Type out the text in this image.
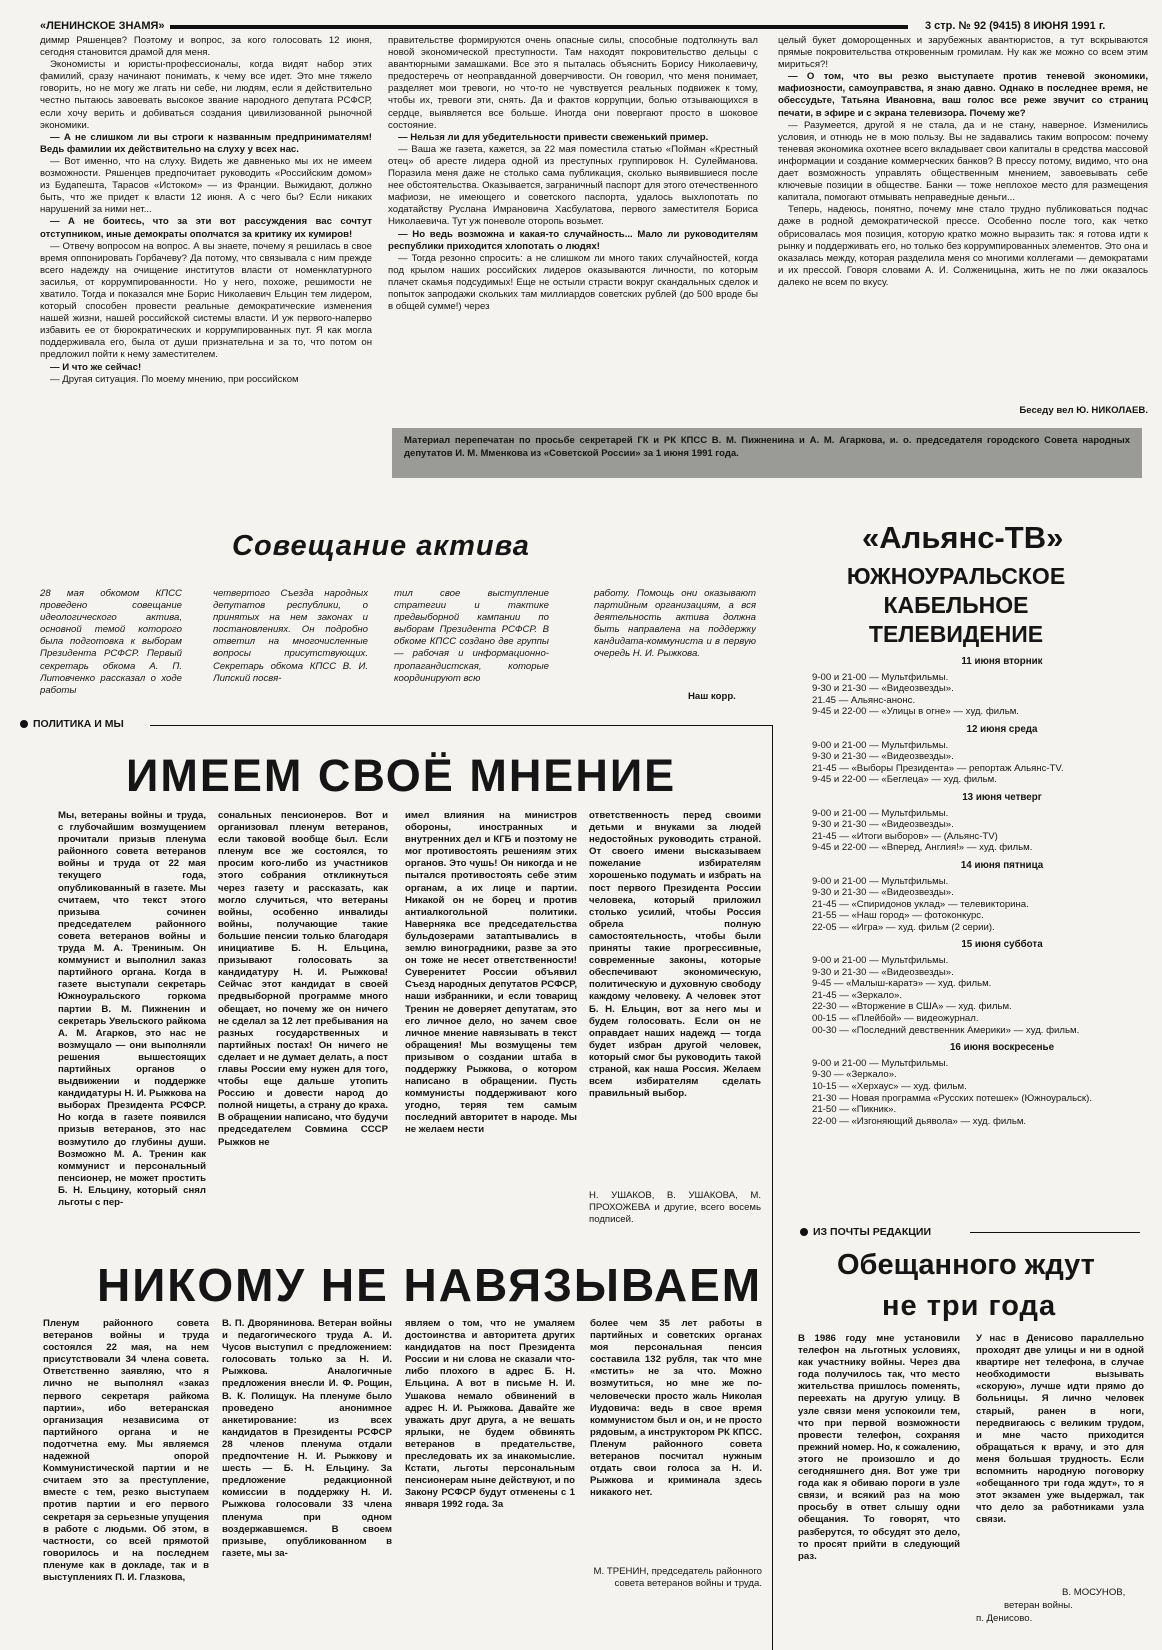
«ЛЕНИНСКОЕ ЗНАМЯ»	3 стр. № 92 (9415) 8 ИЮНЯ 1991 г.

диммр Ряшенцев? Поэтому и вопрос, за кого голосовать 12 июня, сегодня становится драмой для меня.

Экономисты и юристы-профессионалы, когда видят набор этих фамилий, сразу начинают понимать, к чему все идет. Это мне тяжело говорить, но не могу же лгать ни себе, ни людям, если я действительно честно пытаюсь завоевать высокое звание народного депутата РСФСР, если хочу верить и добиваться создания цивилизованной рыночной экономики.

— А не слишком ли вы строги к названным предпринимателям! Ведь фамилии их действительно на слуху у всех нас.

— Вот именно, что на слуху. Видеть же давненько мы их не имеем возможности. Ряшенцев предпочитает руководить «Российским домом» из Будапешта, Тарасов «Истоком» — из Франции. Выжидают, должно быть, что же придет к власти 12 июня. А с чего бы? Если никаких нарушений за ними нет...

— А не боитесь, что за эти вот рассуждения вас сочтут отступником, иные демократы ополчатся за критику их кумиров!

— Отвечу вопросом на вопрос. А вы знаете, почему я решилась в свое время оппонировать Горбачеву? Да потому, что связывала с ним прежде всего надежду на очищение институтов власти от номенклатурного засилья, от коррумпированности. Но у него, похоже, решимости не хватило. Тогда и показался мне Борис Николаевич Ельцин тем лидером, который способен провести реальные демократические изменения нашей жизни, нашей российской системы власти. И уж первого-наперво избавить ее от бюрократических и коррумпированных пут. Я как могла поддерживала его, была от души признательна и за то, что потом он предложил пойти к нему заместителем.

— И что же сейчас!

— Другая ситуация. По моему мнению, при российском

правительстве формируются очень опасные силы, способные подтолкнуть вал новой экономической преступности. Там находят покровительство дельцы с авантюрными замашками. Все это я пыталась объяснить Борису Николаевичу, предостеречь от неоправданной доверчивости. Он говорил, что меня понимает, разделяет мои тревоги, но что-то не чувствуется реальных подвижек к тому, чтобы их, тревоги эти, снять. Да и фактов коррупции, болью отзывающихся в сердце, выявляется все больше. Иногда они повергают просто в шоковое состояние.

— Нельзя ли для убедительности привести свеженький пример.

— Ваша же газета, кажется, за 22 мая поместила статью «Пойман «Крестный отец» об аресте лидера одной из преступных группировок Н. Сулейманова. Поразила меня даже не столько сама публикация, сколько выявившиеся после нее обстоятельства. Оказывается, заграничный паспорт для этого отечественного мафиози, не имеющего и советского паспорта, удалось выхлопотать по ходатайству Руслана Имрановича Хасбулатова, первого заместителя Бориса Николаевича. Тут уж поневоле оторопь возьмет.

— Но ведь возможна и какая-то случайность... Мало ли руководителям республики приходится хлопотать о людях!

— Тогда резонно спросить: а не слишком ли много таких случайностей, когда под крылом наших российских лидеров оказываются личности, по которым плачет скамья подсудимых! Еще не остыли страсти вокруг скандальных сделок и попыток запродажи скольких там миллиардов советских рублей (до 500 вроде бы в общей сумме!) через

целый букет доморощенных и зарубежных авантюристов, а тут вскрываются прямые покровительства откровенным громилам. Ну как же можно со всем этим мириться?!

— О том, что вы резко выступаете против теневой экономики, мафиозности, самоуправства, я знаю давно. Однако в последнее время, не обессудьте, Татьяна Ивановна, ваш голос все реже звучит со страниц печати, в эфире и с экрана телевизора. Почему же?

— Разумеется, другой я не стала, да и не стану, наверное. Изменились условия, и отнюдь не в мою пользу. Вы не задавались таким вопросом: почему теневая экономика охотнее всего вкладывает свои капиталы в средства массовой информации и создание коммерческих банков? В прессу потому, видимо, что она дает возможность управлять общественным мнением, завоевывать себе ключевые позиции в обществе. Банки — тоже неплохое место для размещения капитала, помогают отмывать неправедные деньги...

Теперь, надеюсь, понятно, почему мне стало трудно публиковаться подчас даже в родной демократической прессе. Особенно после того, как четко обрисовалась моя позиция, которую кратко можно выразить так: я готова идти к рынку и поддерживать его, но только без коррумпированных элементов. Это она и оказалась между, которая разделила меня со многими коллегами — демократами и их прессой. Говоря словами А. И. Солженицына, жить не по лжи оказалось далеко не всем по вкусу.

Беседу вел Ю. НИКОЛАЕВ.
Материал перепечатан по просьбе секретарей ГК и РК КПСС В. М. Пижненина и А. М. Агаркова, и. о. председателя городского Совета народных депутатов И. М. Мменкова из «Советской России» за 1 июня 1991 года.
Совещание актива
28 мая обкомом КПСС проведено совещание идеологического актива, основной темой которого была подготовка к выборам Президента РСФСР. Первый секретарь обкома А. П. Литовченко рассказал о ходе работы
четвертого Съезда народных депутатов республики, о принятых на нем законах и постановлениях. Он подробно ответил на многочисленные вопросы присутствующих. Секретарь обкома КПСС В. И. Липский посвя-
тил свое выступление стратегии и тактике предвыборной кампании по выборам Президента РСФСР. В обкоме КПСС создано две группы — рабочая и информационно-пропагандистская, которые координируют всю
работу. Помощь они оказывают партийным организациям, а вся деятельность актива должна быть направлена на поддержку кандидата-коммуниста и в первую очередь Н. И. Рыжкова.
Наш корр.
ПОЛИТИКА И МЫ
ИМЕЕМ СВОЁ МНЕНИЕ
Мы, ветераны войны и труда, с глубочайшим возмущением прочитали призыв пленума районного совета ветеранов войны и труда от 22 мая текущего года, опубликованный в газете. Мы считаем, что текст этого призыва сочинен председателем районного совета ветеранов войны и труда М. А. Трениным. Он коммунист и выполнил заказ партийного органа. Когда в газете выступали секретарь Южноуральского горкома партии В. М. Пижненин и секретарь Увельского райкома А. М. Агарков, это нас не возмущало — они выполняли решения вышестоящих партийных органов о выдвижении и поддержке кандидатуры Н. И. Рыжкова на выборах Президента РСФСР. Но когда в газете появился призыв ветеранов, это нас возмутило до глубины души. Возможно М. А. Тренин как коммунист и персональный пенсионер, не может простить Б. Н. Ельцину, который снял льготы с пер-
сональных пенсионеров. Вот и организовал пленум ветеранов, если таковой вообще был. Если пленум все же состоялся, то просим кого-либо из участников этого собрания откликнуться через газету и рассказать, как могло случиться, что ветераны войны, особенно инвалиды войны, получающие такие большие пенсии только благодаря инициативе Б. Н. Ельцина, призывают голосовать за кандидатуру Н. И. Рыжкова! Сейчас этот кандидат в своей предвыборной программе много обещает, но почему же он ничего не сделал за 12 лет пребывания на разных государственных и партийных постах! Он ничего не сделает и не думает делать, а пост главы России ему нужен для того, чтобы еще дальше утопить Россию и довести народ до полной нищеты, а страну до краха. В обращении написано, что будучи председателем Совмина СССР Рыжков не
имел влияния на министров обороны, иностранных и внутренних дел и КГБ и поэтому не мог противостоять решениям этих органов. Это чушь! Он никогда и не пытался противостоять себе этим органам, а их лице и партии. Никакой он не борец и против антиалкогольной политики. Наверняка все председательства бульдозерами затаптывались в землю виноградники, разве за это он тоже не несет ответственности! Суверенитет России объявил Съезд народных депутатов РСФСР, наши избранники, и если товарищ Тренин не доверяет депутатам, это его личное дело, но зачем свое личное мнение навязывать в текст обращения! Мы возмущены тем призывом о создании штаба в поддержку Рыжкова, о котором написано в обращении. Пусть коммунисты поддерживают кого угодно, теряя тем самым последний авторитет в народе. Мы не желаем нести
ответственность перед своими детьми и внуками за людей недостойных руководить страной. От своего имени высказываем пожелание избирателям хорошенько подумать и избрать на пост первого Президента России человека, который приложил столько усилий, чтобы Россия обрела полную самостоятельность, чтобы были приняты такие прогрессивные, современные законы, которые обеспечивают экономическую, политическую и духовную свободу каждому человеку. А человек этот Б. Н. Ельцин, вот за него мы и будем голосовать. Если он не оправдает наших надежд — тогда будет избран другой человек, который смог бы руководить такой страной, как наша Россия. Желаем всем избирателям сделать правильный выбор.
Н. УШАКОВ, В. УШАКОВА, М. ПРОХОЖЕВА и другие, всего восемь подписей.
НИКОМУ НЕ НАВЯЗЫВАЕМ
Пленум районного совета ветеранов войны и труда состоялся 22 мая, на нем присутствовали 34 члена совета. Ответственно заявляю, что я лично не выполнял «заказ первого секретаря райкома партии», ибо ветеранская организация независима от партийного органа и не подотчетна ему. Мы являемся надежной опорой Коммунистической партии и не считаем это за преступление, вместе с тем, резко выступаем против партии и его первого секретаря за серьезные упущения в работе с людьми. Об этом, в частности, со всей прямотой говорилось и на последнем пленуме как в докладе, так и в выступлениях П. И. Глазкова,
В. П. Дворянинова. Ветеран войны и педагогического труда А. И. Чусов выступил с предложением: голосовать только за Н. И. Рыжкова. Аналогичные предложения внесли И. Ф. Рощин, В. К. Полищук. На пленуме было проведено анонимное анкетирование: из всех кандидатов в Президенты РСФСР 28 членов пленума отдали предпочтение Н. И. Рыжкову и шесть — Б. Н. Ельцину. За предложение редакционной комиссии в поддержку Н. И. Рыжкова голосовали 33 члена пленума при одном воздержавшемся. В своем призыве, опубликованном в газете, мы за-
являем о том, что не умаляем достоинства и авторитета других кандидатов на пост Президента России и ни слова не сказали что-либо плохого в адрес Б. Н. Ельцина. А вот в письме Н. И. Ушакова немало обвинений в адрес Н. И. Рыжкова. Давайте же уважать друг друга, а не вешать ярлыки, не будем обвинять ветеранов в предательстве, преследовать их за инакомыслие. Кстати, льготы персональным пенсионерам ныне действуют, и по Закону РСФСР будут отменены с 1 января 1992 года. За
более чем 35 лет работы в партийных и советских органах моя персональная пенсия составила 132 рубля, так что мне «мстить» не за что. Можно возмутиться, но мне же по-человечески просто жаль Николая Иудовича: ведь в свое время коммунистом был и он, и не просто рядовым, а инструктором РК КПСС. Пленум районного совета ветеранов посчитал нужным отдать свои голоса за Н. И. Рыжкова и криминала здесь никакого нет.
М. ТРЕНИН, председатель районного совета ветеранов войны и труда.
«Альянс-ТВ»
ЮЖНОУРАЛЬСКОЕ КАБЕЛЬНОЕ ТЕЛЕВИДЕНИЕ
11 июня вторник
9-00 и 21-00 — Мультфильмы.
9-30 и 21-30 — «Видеозвезды».
21.45 — Альянс-анонс.
9-45 и 22-00 — «Улицы в огне» — худ. фильм.
12 июня среда
9-00 и 21-00 — Мультфильмы.
9-30 и 21-30 — «Видеозвезды».
21-45 — «Выборы Президента» — репортаж Альянс-TV.
9-45 и 22-00 — «Беглеца» — худ. фильм.
13 июня четверг
9-00 и 21-00 — Мультфильмы.
9-30 и 21-30 — «Видеозвезды».
21-45 — «Итоги выборов» — (Альянс-TV)
9-45 и 22-00 — «Вперед, Англия!» — худ. фильм.
14 июня пятница
9-00 и 21-00 — Мультфильмы.
9-30 и 21-30 — «Видеозвезды».
21-45 — «Спиридонов уклад» — телевикторина.
21-55 — «Наш город» — фотоконкурс.
22-05 — «Игра» — худ. фильм (2 серии).
15 июня суббота
9-00 и 21-00 — Мультфильмы.
9-30 и 21-30 — «Видеозвезды».
9-45 — «Малыш-каратэ» — худ. фильм.
21-45 — «Зеркало».
22-30 — «Вторжение в США» — худ. фильм.
00-15 — «Плейбой» — видеожурнал.
00-30 — «Последний девственник Америки» — худ. фильм.
16 июня воскресенье
9-00 и 21-00 — Мультфильмы.
9-30 — «Зеркало».
10-15 — «Херхаус» — худ. фильм.
21-30 — Новая программа «Русских потешек» (Южноуральск).
21-50 — «Пикник».
22-00 — «Изгоняющий дьявола» — худ. фильм.
ИЗ ПОЧТЫ РЕДАКЦИИ
Обещанного ждут
не три года
В 1986 году мне установили телефон на льготных условиях, как участнику войны. Через два года получилось так, что место жительства пришлось поменять, переехать на другую улицу. В узле связи меня успокоили тем, что при первой возможности провести телефон, сохраняя прежний номер. Но, к сожалению, этого не произошло и до сегодняшнего дня. Вот уже три года как я обиваю пороги в узле связи, и всякий раз на мою просьбу в ответ слышу одни обещания. То говорят, что разберутся, то обсудят это дело, то просят прийти в следующий раз.
У нас в Денисово параллельно проходят две улицы и ни в одной квартире нет телефона, в случае необходимости вызывать «скорую», лучше идти прямо до больницы. Я лично человек старый, ранен в ноги, передвигаюсь с великим трудом, и мне часто приходится обращаться к врачу, и это для меня большая трудность. Если вспомнить народную поговорку «обещанного три года ждут», то я этот экзамен уже выдержал, так что дело за работниками узла связи.
В. МОСУНОВ,
ветеран войны.
п. Денисово.
